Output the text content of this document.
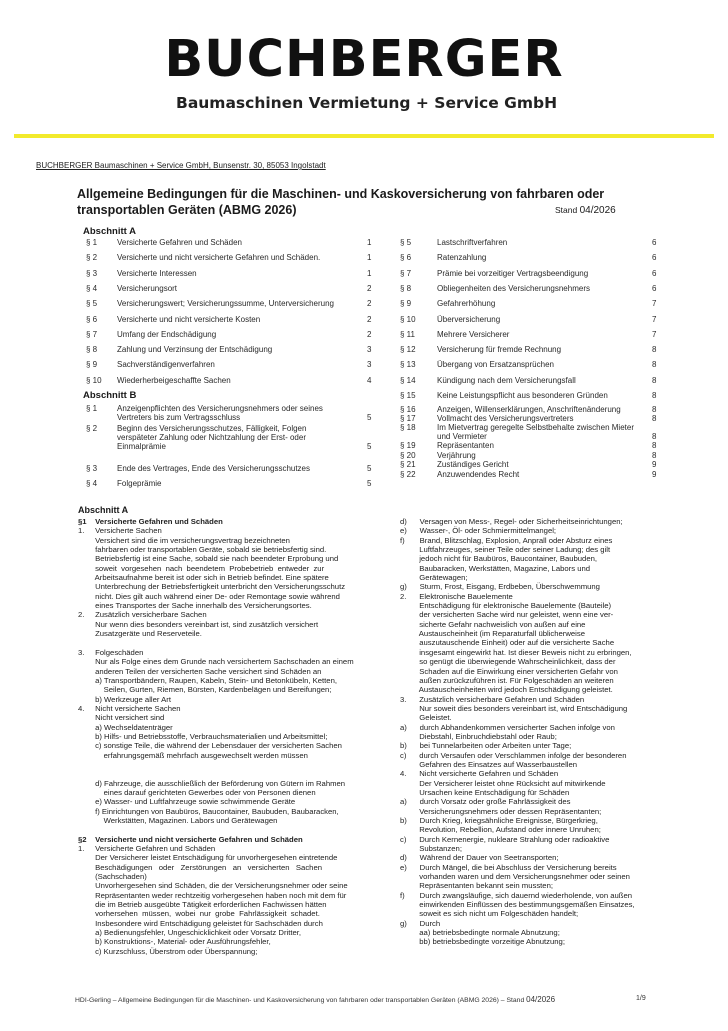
BUCHBERGER
Baumaschinen Vermietung + Service GmbH
BUCHBERGER Baumaschinen + Service GmbH, Bunsenstr. 30, 85053 Ingolstadt
Allgemeine Bedingungen für die Maschinen- und Kaskoversicherung von fahrbaren oder transportablen Geräten (ABMG 2026)	Stand 04/2026
Abschnitt A
§ 1 Versicherte Gefahren und Schäden	1
§ 2 Versicherte und nicht versicherte Gefahren und Schäden.	1
§ 3 Versicherte Interessen	1
§ 4 Versicherungsort	2
§ 5 Versicherungswert; Versicherungssumme, Unterversicherung	2
§ 6 Versicherte und nicht versicherte Kosten	2
§ 7 Umfang der Endschädigung	2
§ 8 Zahlung und Verzinsung der Entschädigung	3
§ 9 Sachverständigenverfahren	3
§ 10 Wiederherbeigeschaffte Sachen	4
§ 5	Lastschriftverfahren	6
§ 6	Ratenzahlung	6
§ 7	Prämie bei vorzeitiger Vertragsbeendigung	6
§ 8	Obliegenheiten des Versicherungsnehmers	6
§ 9	Gefahrerhöhung	7
§ 10	Überversicherung	7
§ 11	Mehrere Versicherer	7
§ 12	Versicherung für fremde Rechnung	8
§ 13	Übergang von Ersatzansprüchen	8
§ 14	Kündigung nach dem Versicherungsfall	8
§ 15	Keine Leistungspflicht aus besonderen Gründen	8
Abschnitt B
§ 1 Anzeigenpflichten des Versicherungsnehmers oder seines Vertreters bis zum Vertragsschluss	5
§ 2 Beginn des Versicherungsschutzes, Fälligkeit, Folgen verspäteter Zahlung oder Nichtzahlung der Erst- oder Einmalprämie	5
§ 3 Ende des Vertrages, Ende des Versicherungsschutzes	5
§ 4 Folgeprämie	5
§ 16	Anzeigen, Willenserklärungen, Anschriftenänderung	8
§ 17	Vollmacht des Versicherungsvertreters	8
§ 18	Im Mietvertrag geregelte Selbstbehalte zwischen Mieter und Vermieter	8
§ 19	Repräsentanten	8
§ 20	Verjährung	8
§ 21	Zuständiges Gericht	9
§ 22	Anzuwendendes Recht	9
Abschnitt A

§1    Versicherte Gefahren und Schäden

1.     Versicherte Sachen

Versichert sind die im versicherungsvertrag bezeichneten

fahrbaren oder transportablen Geräte, sobald sie betriebsfertig sind.

Betriebsfertig ist eine Sache, sobald sie nach beendeter Erprobung und

soweit  vorgesehen  nach  beendetem  Probebetrieb  entweder  zur

Arbeitsaufnahme bereit ist oder sich in Betrieb befindet. Eine spätere

Unterbrechung der Betriebsfertigkeit unterbricht den Versicherungsschutz

nicht. Dies gilt auch während einer De- oder Remontage sowie während

eines Transportes der Sache innerhalb des Versicherungsortes.

2.     Zusätzlich versicherbare Sachen

Nur wenn dies besonders vereinbart ist, sind zusätzlich versichert

Zusatzgeräte und Reserveteile.

3.     Folgeschäden

Nur als Folge eines dem Grunde nach versichertem Sachschaden an einem

anderen Teilen der versicherten Sache versichert sind Schäden an

a) Transportbändern, Raupen, Kabeln, Stein- und Betonkübeln, Ketten,

Seilen, Gurten, Riemen, Bürsten, Kardenbelägen und Bereifungen;

b) Werkzeuge aller Art

4.     Nicht versicherte Sachen

Nicht versichert sind

a) Wechseldatenträger

b) Hilfs- und Betriebsstoffe, Verbrauchsmaterialien und Arbeitsmittel;

c) sonstige Teile, die während der Lebensdauer der versicherten Sachen

erfahrungsgemäß mehrfach ausgewechselt werden müssen

d) Fahrzeuge, die ausschließlich der Beförderung von Gütern im Rahmen

eines darauf gerichteten Gewerbes oder von Personen dienen

e) Wasser- und Luftfahrzeuge sowie schwimmende Geräte

f) Einrichtungen von Baubüros, Baucontainer, Baubuden, Baubaracken,

Werkstätten, Magazinen. Labors und Gerätewagen

§2    Versicherte und nicht versicherte Gefahren und Schäden

1.     Versicherte Gefahren und Schäden

Der Versicherer leistet Entschädigung für unvorhergesehen eintretende

Beschädigungen   oder   Zerstörungen   an   versicherten   Sachen

(Sachschaden)

Unvorhergesehen sind Schäden, die der Versicherungsnehmer oder seine

Repräsentanten weder rechtzeitig vorhergesehen haben noch mit dem für

die im Betrieb ausgeübte Tätigkeit erforderlichen Fachwissen hätten

vorhersehen  müssen,  wobei  nur  grobe  Fahrlässigkeit  schadet.

Insbesondere wird Entschädigung geleistet für Sachschäden durch

a) Bedienungsfehler, Ungeschicklichkeit oder Vorsatz Dritter,

b) Konstruktions-, Material- oder Ausführungsfehler,

c) Kurzschluss, Überstrom oder Überspannung;

d)      Versagen von Mess-, Regel- oder Sicherheitseinrichtungen;

e)      Wasser-, Öl- oder Schmiermittelmangel;

f)       Brand, Blitzschlag, Explosion, Anprall oder Absturz eines

Luftfahrzeuges, seiner Teile oder seiner Ladung; des gilt

jedoch nicht für Baubüros, Baucontainer, Baubuden,

Baubaracken, Werkstätten, Magazine, Labors und

Gerätewagen;

g)      Sturm, Frost, Eisgang, Erdbeben, Überschwemmung

2.      Elektronische Bauelemente

Entschädigung für elektronische Bauelemente (Bauteile)

der versicherten Sache wird nur geleistet, wenn eine ver-

sicherte Gefahr nachweislich von außen auf eine

Austauscheinheit (im Reparaturfall üblicherweise

auszutauschende Einheit) oder auf die versicherte Sache

insgesamt eingewirkt hat. Ist dieser Beweis nicht zu erbringen,

so genügt die überwiegende Wahrscheinlichkeit, dass der

Schaden auf die Einwirkung einer versicherten Gefahr von

außen zurückzuführen ist. Für Folgeschäden an weiteren

Austauscheinheiten wird jedoch Entschädigung geleistet.

3.      Zusätzlich versicherbare Gefahren und Schäden

Nur soweit dies besonders vereinbart ist, wird Entschädigung

Geleistet.

a)      durch Abhandenkommen versicherter Sachen infolge von

Diebstahl, Einbruchdiebstahl oder Raub;

b)      bei Tunnelarbeiten oder Arbeiten unter Tage;

c)      durch Versaufen oder Verschlammen infolge der besonderen

Gefahren des Einsatzes auf Wasserbaustellen

4.      Nicht versicherte Gefahren und Schäden

Der Versicherer leistet ohne Rücksicht auf mitwirkende

Ursachen keine Entschädigung für Schäden

a)      durch Vorsatz oder große Fahrlässigkeit des

Versicherungsnehmers oder dessen Repräsentanten;

b)      Durch Krieg, kriegsähnliche Ereignisse, Bürgerkrieg,

Revolution, Rebellion, Aufstand oder innere Unruhen;

c)      Durch Kernenergie, nukleare Strahlung oder radioaktive

Substanzen;

d)      Während der Dauer von Seetransporten;

e)      Durch Mängel, die bei Abschluss der Versicherung bereits

vorhanden waren und dem Versicherungsnehmer oder seinen

Repräsentanten bekannt sein mussten;

f)       Durch zwangsläufige, sich dauernd wiederholende, von außen

einwirkenden Einflüssen des bestimmungsgemäßen Einsatzes,

soweit es sich nicht um Folgeschäden handelt;

g)      Durch

aa) betriebsbedingte normale Abnutzung;

bb) betriebsbedingte vorzeitige Abnutzung;

HDI-Gerling – Allgemeine Bedingungen für die Maschinen- und Kaskoversicherung von fahrbaren oder transportablen Geräten (ABMG 2026) – Stand 04/2026	1/9
